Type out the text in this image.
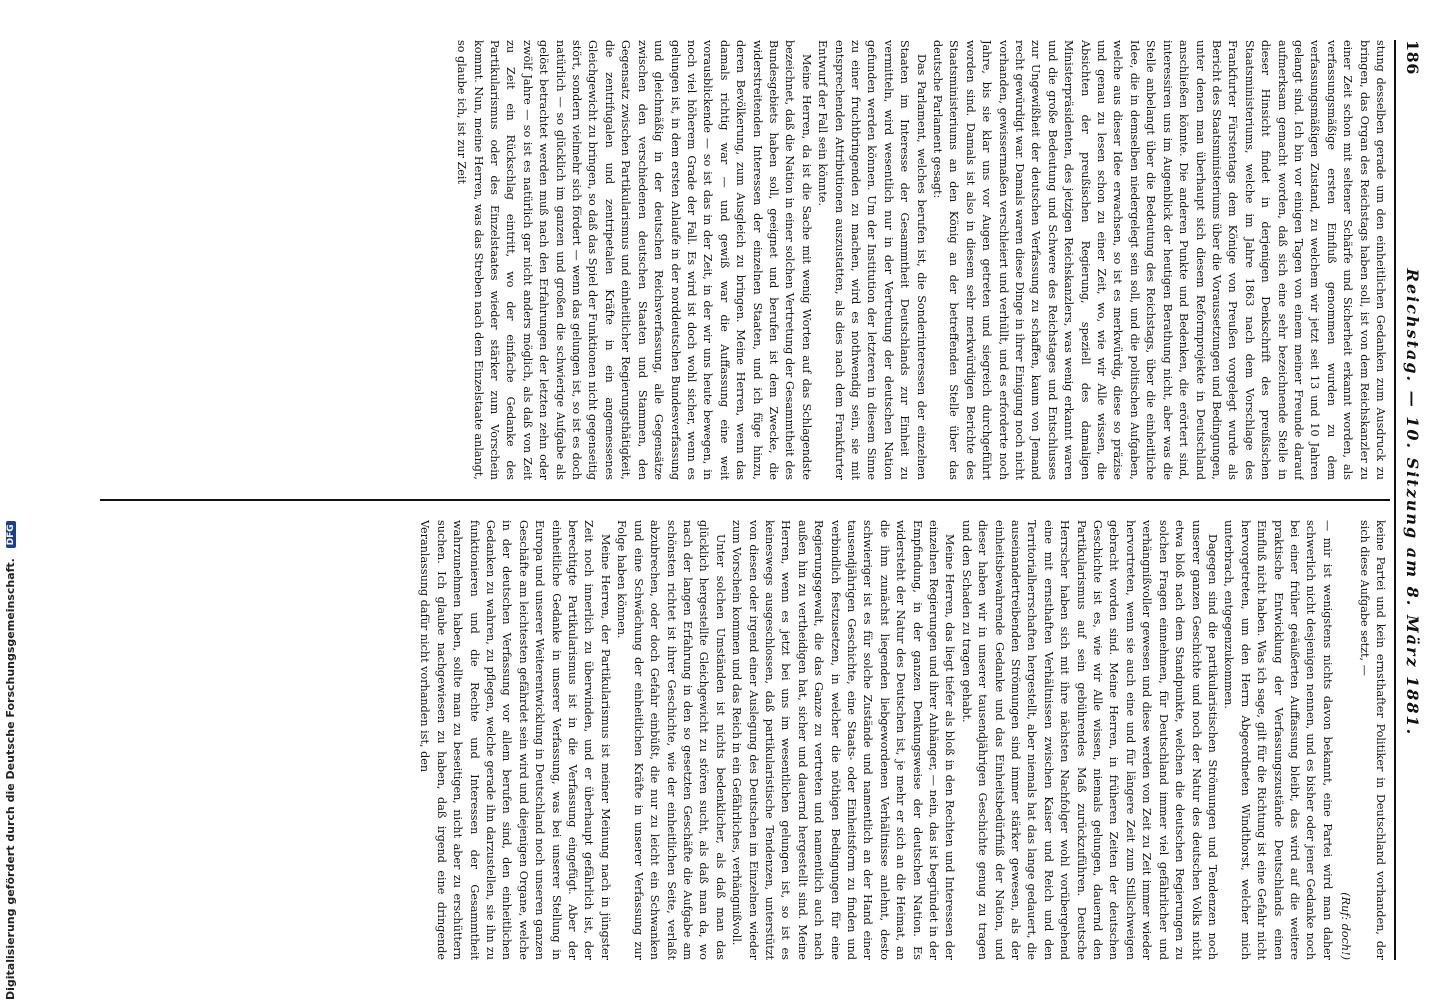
186
Reichstag. — 10. Sitzung am 8. März 1881.

stung desselben gerade um den einheitlichen Gedanken zum Ausdruck zu bringen, das Organ des Reichstags haben soll, ist von dem Reichskanzler zu einer Zeit schon mit seltener Schärfe und Sicherheit erkannt worden, als verfassungsmäßige ersten Einfluß genommen wurden zu dem verfassungsmäßigen Zustand, zu welchem wir jetzt seit 13 und 10 Jahren gelangt sind. Ich bin vor einigen Tagen von einem meiner Freunde darauf aufmerksam gemacht worden, daß sich eine sehr bezeichnende Stelle in dieser Hinsicht findet in derjenigen Denkschrift des preußischen Staatsministeriums, welche im Jahre 1863 nach dem Vorschlage des Frankfurter Fürstentags dem Könige von Preußen vorgelegt wurde als Bericht des Staatsministeriums über die Voraussetzungen und Bedingungen, unter denen man überhaupt sich diesem Reformprojekte in Deutschland anschließen könnte. Die anderen Punkte und Bedenken, die erörtert sind, interessiren uns im Augenblick der heutigen Berathung nicht, aber was die Stelle anbelangt über die Bedeutung des Reichstags, über die einheitliche Idee, die in demselben niedergelegt sein soll, und die politischen Aufgaben, welche aus dieser Idee erwachsen, so ist es merkwürdig, diese so präzise und genau zu lesen schon zu einer Zeit, wo, wie wir Alle wissen, die Absichten der preußischen Regierung, speziell des damaligen Ministerpräsidenten, des jetzigen Reichskanzlers, was wenig erkannt waren und die große Bedeutung und Schwere des Reichstages und Entschlusses zur Ungewißheit der deutschen Verfassung zu schaffen, kaum von Jemand recht gewürdigt war. Damals waren diese Dinge in ihrer Einigung noch nicht vorhanden, gewissermaßen verschleiert und verhüllt, und es erforderte noch Jahre, bis sie klar uns vor Augen getreten und siegreich durchgeführt worden sind. Damals ist also in diesem sehr merkwürdigen Berichte des Staatsministeriums an den König an der betreffenden Stelle über das deutsche Parlament gesagt:

Das Parlament, welches berufen ist, die Sonderinteressen der einzelnen Staaten im Interesse der Gesammtheit Deutschlands zur Einheit zu vermitteln, wird wesentlich nur in der Vertretung der deutschen Nation gefunden werden können. Um der Institution der letzteren in diesem Sinne zu einer fruchtbringenden zu machen, wird es nothwendig sein, sie mit entsprechenden Attributionen auszustatten, als dies nach dem Frankfurter Entwurf der Fall sein könnte.

Meine Herren, da ist die Sache mit wenig Worten auf das Schlagendste bezeichnet, daß die Nation in einer solchen Vertretung der Gesammtheit des Bundesgebiets haben soll, geeignet und berufen ist dem Zwecke, die widerstreitenden Interessen der einzelnen Staaten, und ich füge hinzu, deren Bevölkerung, zum Ausgleich zu bringen. Meine Herren, wenn das damals richtig war — und gewiß war die Auffassung eine weit vorausblickende — so ist das in der Zeit, in der wir uns heute bewegen, in noch viel höherem Grade der Fall. Es wird ist doch wohl sicher, wenn es gelungen ist, in dem ersten Anlaufe in der norddeutschen Bundesverfassung und gleichmäßig in der deutschen Reichsverfassung, alle Gegensätze zwischen den verschiedenen deutschen Staaten und Stammen, den Gegensatz zwischen Partikularismus und einheitlicher Regierungsthätigkeit, die zentrifugalen und zentripetalen Kräfte in ein angemessenes Gleichgewicht zu bringen, so daß das Spiel der Funktionen nicht gegenseitig stört, sondern vielmehr sich fördert — wenn das gelungen ist, so ist es doch natürlich — so glücklich im ganzen und großen die schwierige Aufgabe als gelöst betrachtet werden muß nach den Erfahrungen der letzten zehn oder zwölf Jahre — so ist es natürlich gar nicht anders möglich, als daß von Zeit zu Zeit ein Rückschlag eintritt, wo der einfache Gedanke des Partikularismus oder des Einzelstaates wieder stärker zum Vorschein kommt. Nun, meine Herren, was das Streben nach dem Einzelstaate anlangt, so glaube ich, ist zur Zeit

keine Partei und kein ernsthafter Politiker in Deutschland vorhanden, der sich diese Aufgabe setzt, —

(Ruf: doch!)

— mir ist wenigstens nichts davon bekannt, eine Partei wird man daher schwerlich nicht desjenigen nennen, und es bisher oder jener Gedanke noch bei einer früher geäußerten Auffassung bleibt, das wird auf die weitere praktische Entwicklung der Verfassungszustände Deutschlands einen Einfluß nicht haben. Was ich sage, gilt für die Richtung ist eine Gefahr nicht hervorgetreten, um den Herrn Abgeordneten Windthorst, welcher mich unterbrach, entgegenzukommen.

Dagegen sind die partikularistischen Strömungen und Tendenzen noch unserer ganzen Geschichte und noch der Natur des deutschen Volks nicht etwa bloß nach dem Standpunkte, welchen die deutschen Regierungen zu solchen Fragen einnehmen, für Deutschland immer viel gefährlicher und verhängnißvoller gewesen und diese werden von Zeit zu Zeit immer wieder hervortreten, wenn sie auch eine und für längere Zeit zum Stillschweigen gebracht worden sind. Meine Herren, in früheren Zeiten der deutschen Geschichte ist es, wie wir Alle wissen, niemals gelungen, dauernd den Partikularismus auf sein gebührendes Maß zurückzuführen. Deutsche Herrscher haben sich mit ihre nächsten Nachfolger wohl vorübergehend eine mit ernsthaften Verhältnissen zwischen Kaiser und Reich und den Territorialherrschaften hergestellt, aber niemals hat das lange gedauert, die auseinandertreibenden Strömungen sind immer stärker gewesen, als der einheitsbewahrende Gedanke und das Einheitsbedürfniß der Nation, und dieser haben wir in unserer tausendjährigen Geschichte genug zu tragen und den Schaden zu tragen gehabt.

Meine Herren, das liegt tiefer als bloß in den Rechten und Interessen der einzelnen Regierungen und ihrer Anhänger, — nein, das ist begründet in der Empfindung, in der ganzen Denkungsweise der deutschen Nation. Es widersteht der Natur des Deutschen ist, je mehr er sich an die Heimat, an die ihm zunächst liegenden liebgewordenen Verhältnisse anlehnt, desto schwieriger ist es für solche Zustände und namentlich an der Hand einer tausendjährigen Geschichte, eine Staats- oder Einheitsform zu finden und verbindlich festzusetzen, in welcher die nöthigen Bedingungen für eine Regierungsgewalt, die das Ganze zu vertreten und namentlich auch nach außen hin zu vertheidigen hat, sicher und dauernd hergestellt sind. Meine Herren, wenn es jetzt bei uns im wesentlichen gelungen ist, so ist es keineswegs ausgeschlossen, daß partikularistische Tendenzen, unterstützt von diesen oder irgend einer Auslegung des Deutschen im Einzelnen wieder zum Vorschein kommen und das Reich in ein Gefährliches, verhängnißvoll.

Unter solchen Umständen ist nichts bedenklicher, als daß man das glücklich hergestellte Gleichgewicht zu stören sucht, als daß man da, wo nach der langen Erfahrung in den so gesetzten Geschäfte die Aufgabe am schönsten richtet ist ihrer Geschichte, wie der einheitlichen Seite, verlaßt abzubrechen, oder doch Gefahr einbüßt, die nur zu leicht ein Schwanken und eine Schwächung der einheitlichen Kräfte in unserer Verfassung zur Folge haben können.

Meine Herren, der Partikularismus ist meiner Meinung nach in jüngster Zeit noch innerlich zu überwinden, und er überhaupt gefährlich ist, der berechtigte Partikularismus ist in die Verfassung eingefügt. Aber der einheitliche Gedanke in unserer Verfassung, was bei unserer Stellung in Europa und unserer Weiterentwicklung in Deutschland noch unseren ganzen Geschäfte am leichtesten gefährdet sein wird und diejenigen Organe, welche in der deutschen Verfassung vor allem berufen sind, den einheitlichen Gedanken zu wahren, zu pflegen, welche gerade ihn darzustellen, sie ihn zu funktionieren und die Rechte und Interessen der Gesammtheit wahrzunehmen haben, sollte man zu beseitigen, nicht aber zu erschüttern suchen. Ich glaube nachgewiesen zu haben, daß irgend eine dringende Veranlassung dafür nicht vorhanden ist, den

Digitalisierung gefördert durch die Deutsche Forschungsgemeinschaft. DFG
